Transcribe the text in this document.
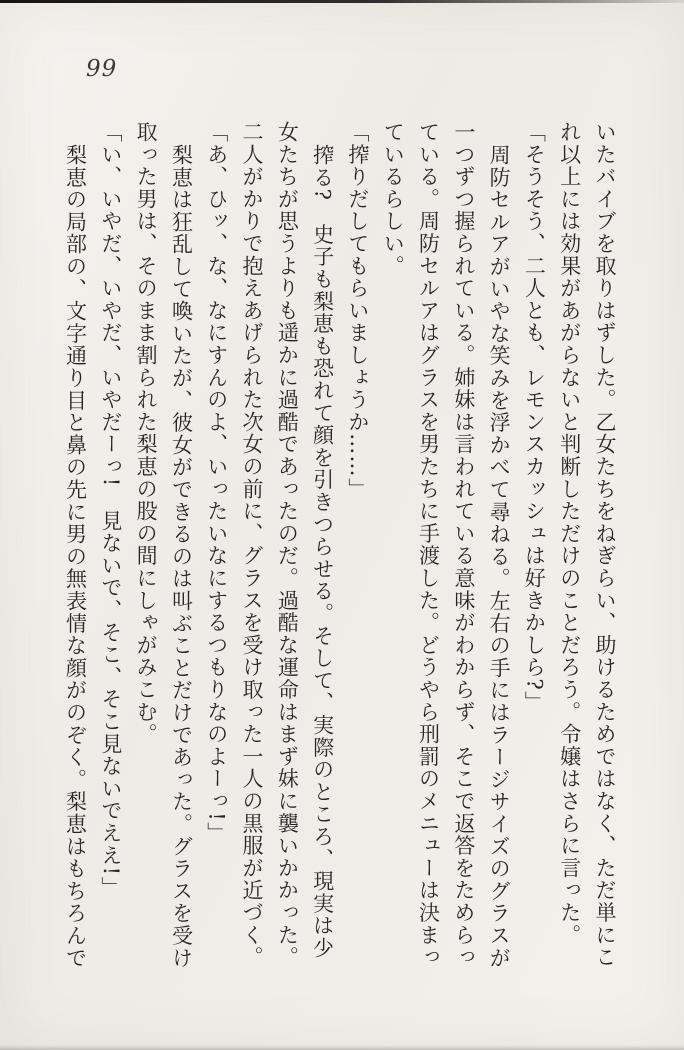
99
いたバイブを取りはずした。乙女たちをねぎらい、助けるためではなく、ただ単にこ
れ以上には効果があがらないと判断しただけのことだろう。令嬢はさらに言った。
「そうそう、二人とも、レモンスカッシュは好きかしら?」
周防セルアがいやな笑みを浮かべて尋ねる。左右の手にはラージサイズのグラスが
一つずつ握られている。姉妹は言われている意味がわからず、そこで返答をためらっ
ている。周防セルアはグラスを男たちに手渡した。どうやら刑罰のメニューは決まっ
ているらしい。
「搾りだしてもらいましょうか……」
搾る?　史子も梨恵も恐れて顔を引きつらせる。そして、実際のところ、現実は少
女たちが思うよりも遥かに過酷であったのだ。過酷な運命はまず妹に襲いかかった。
二人がかりで抱えあげられた次女の前に、グラスを受け取った一人の黒服が近づく。
「あ、ひッ、な、なにすんのよ、いったいなにするつもりなのよーっ!」
梨恵は狂乱して喚いたが、彼女ができるのは叫ぶことだけであった。グラスを受け
取った男は、そのまま割られた梨恵の股の間にしゃがみこむ。
「い、いやだ、いやだ、いやだーっ!　見ないで、そこ、そこ見ないでええ!」
梨恵の局部の、文字通り目と鼻の先に男の無表情な顔がのぞく。梨恵はもちろんで
